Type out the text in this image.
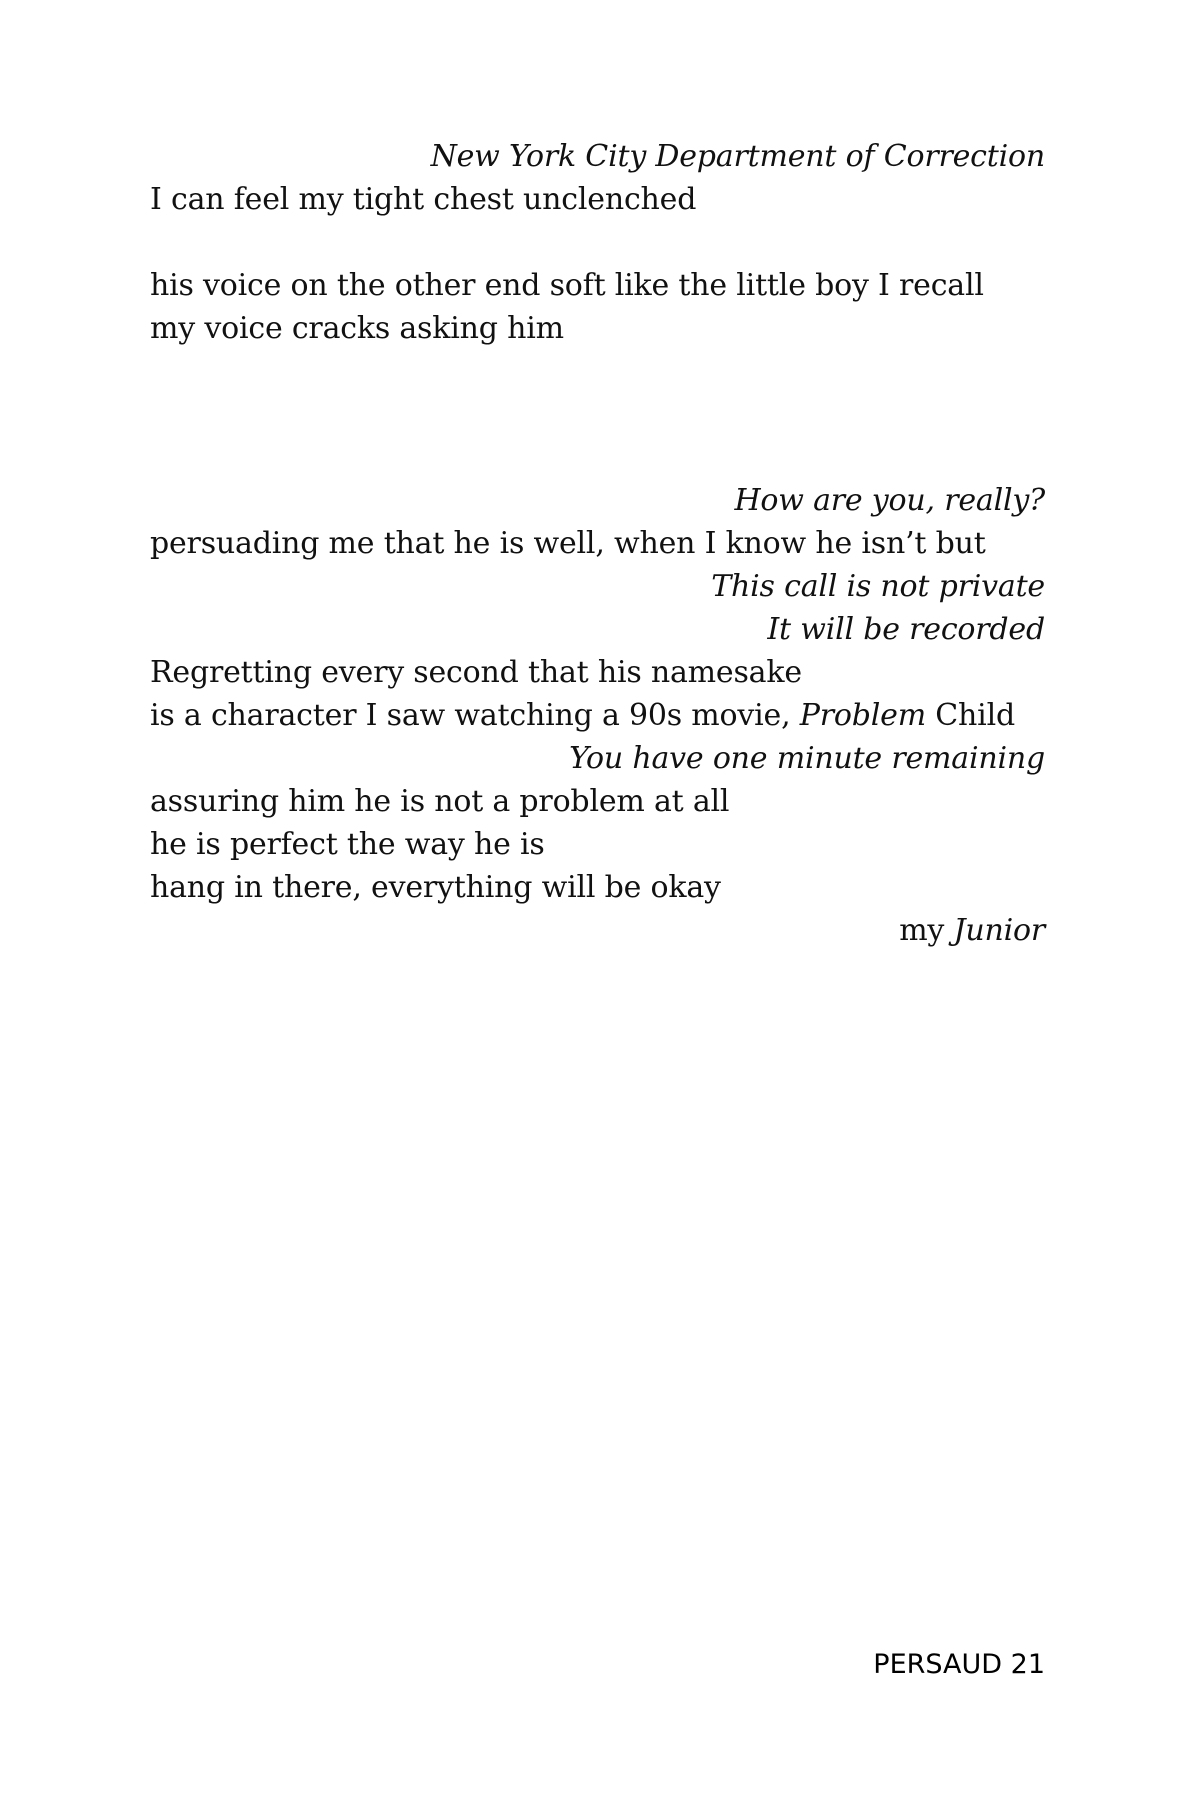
New York City Department of Correction
I can feel my tight chest unclenched
his voice on the other end soft like the little boy I recall
my voice cracks asking him
How are you, really?
persuading me that he is well, when I know he isn’t but
This call is not private
It will be recorded
Regretting every second that his namesake
is a character I saw watching a 90s movie, Problem Child
You have one minute remaining
assuring him he is not a problem at all
he is perfect the way he is
hang in there, everything will be okay
my Junior
PERSAUD 21
